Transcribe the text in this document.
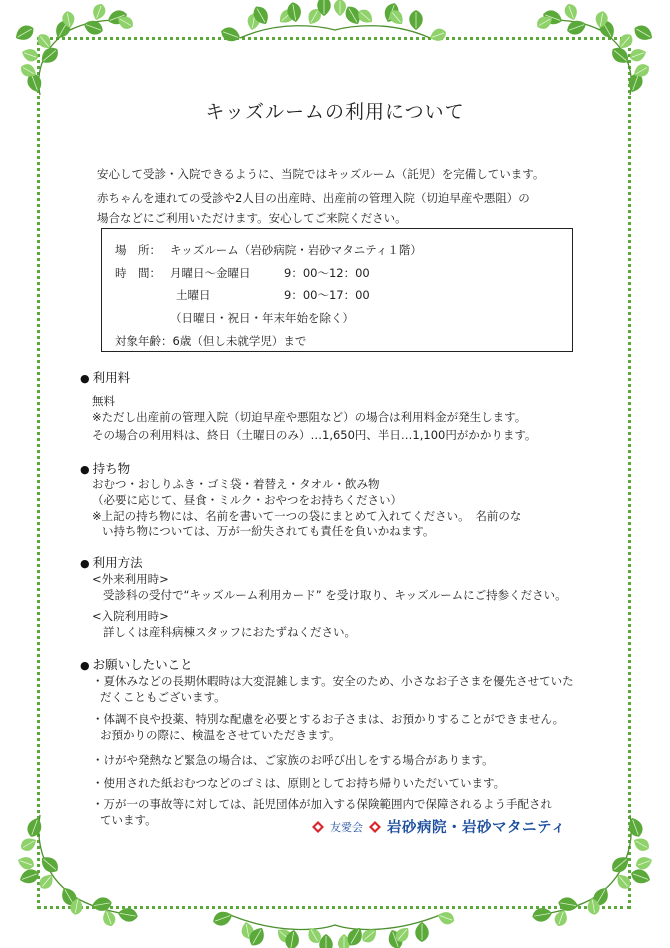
キッズルームの利用について
安心して受診・入院できるように、当院ではキッズルーム（託児）を完備しています。
赤ちゃんを連れての受診や2人目の出産時、出産前の管理入院（切迫早産や悪阻）の
場合などにご利用いただけます。安心してご来院ください。
場　所： キッズルーム（岩砂病院・岩砂マタニティ１階）
時　間： 月曜日～金曜日	9：00～12：00
土曜日	9：00～17：00
（日曜日・祝日・年末年始を除く）
対象年齢：6歳（但し未就学児）まで
● 利用料
無料
※ただし出産前の管理入院（切迫早産や悪阻など）の場合は利用料金が発生します。
その場合の利用料は、終日（土曜日のみ）…1,650円、半日…1,100円がかかります。
● 持ち物
おむつ・おしりふき・ゴミ袋・着替え・タオル・飲み物
（必要に応じて、昼食・ミルク・おやつをお持ちください）
※上記の持ち物には、名前を書いて一つの袋にまとめて入れてください。　名前のな
い持ち物については、万が一紛失されても責任を負いかねます。
● 利用方法
<外来利用時>
受診科の受付で“キッズルーム利用カード” を受け取り、キッズルームにご持参ください。
<入院利用時>
詳しくは産科病棟スタッフにおたずねください。
● お願いしたいこと
・夏休みなどの長期休暇時は大変混雑します。安全のため、小さなお子さまを優先させていた
だくこともございます。
・体調不良や投薬、特別な配慮を必要とするお子さまは、お預かりすることができません。
お預かりの際に、検温をさせていただきます。
・けがや発熱など緊急の場合は、ご家族のお呼び出しをする場合があります。
・使用された紙おむつなどのゴミは、原則としてお持ち帰りいただいています。
・万が一の事故等に対しては、託児団体が加入する保険範囲内で保障されるよう手配され
ています。	友愛会 岩砂病院・岩砂マタニティ
